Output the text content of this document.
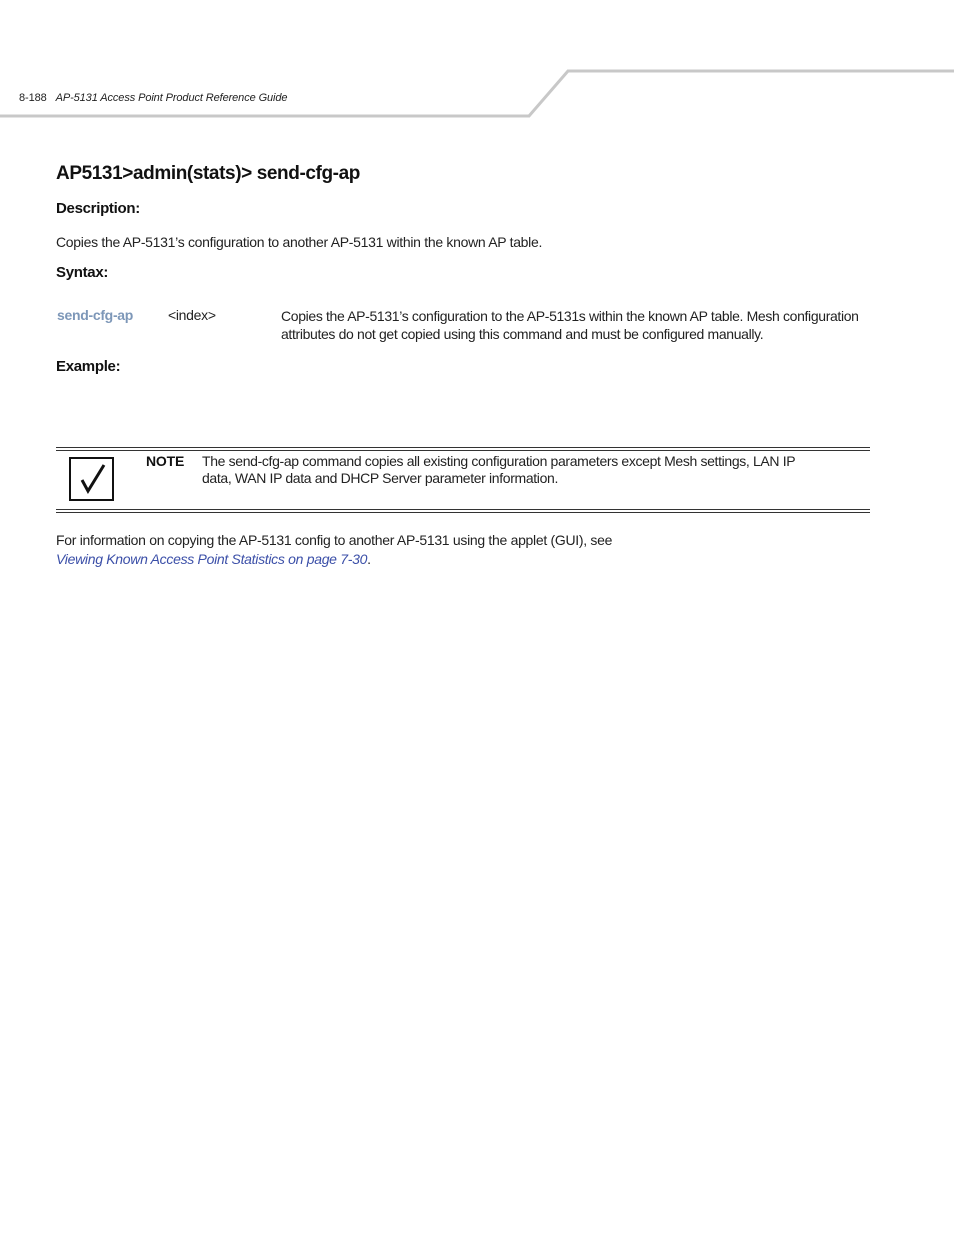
8-188 AP-5131 Access Point Product Reference Guide
AP5131>admin(stats)> send-cfg-ap
Description:
Copies the AP-5131’s configuration to another AP-5131 within the known AP table.
Syntax:
send-cfg-ap <index>	Copies the AP-5131’s configuration to the AP-5131s within the known AP table. Mesh configuration
attributes do not get copied using this command and must be configured manually.
Example:
NOTE The send-cfg-ap command copies all existing configuration parameters except Mesh settings, LAN IP
data, WAN IP data and DHCP Server parameter information.
For information on copying the AP-5131 config to another AP-5131 using the applet (GUI), see
Viewing Known Access Point Statistics on page 7-30.
